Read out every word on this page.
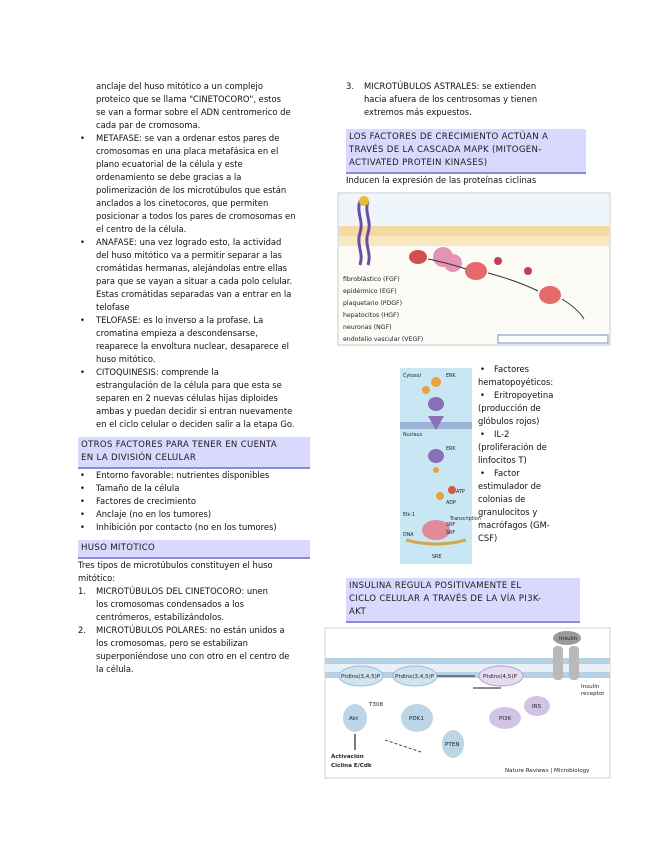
anclaje del huso mitótico a un complejo
proteico que se llama "CINETOCORO", estos
se van a formar sobre el ADN centromerico de
cada par de cromosoma.
• METAFASE: se van a ordenar estos pares de
cromosomas en una placa metafásica en el
plano ecuatorial de la célula y este
ordenamiento se debe gracias a la
polimerización de los microtúbulos que están
anclados a los cinetocoros, que permiten
posicionar a todos los pares de cromosomas en
el centro de la célula.
• ANAFASE: una vez logrado esto, la actividad
del huso mitótico va a permitir separar a las
cromátidas hermanas, alejándolas entre ellas
para que se vayan a situar a cada polo celular.
Estas cromátidas separadas van a entrar en la
telofase
• TELOFASE: es lo inverso a la profase. La
cromatina empieza a descondensarse,
reaparece la envoltura nuclear, desaparece el
huso mitótico.
• CITOQUINESIS: comprende la
estrangulación de la célula para que esta se
separen en 2 nuevas células hijas diploides
ambas y puedan decidir si entran nuevamente
en el ciclo celular o deciden salir a la etapa Go.
OTROS FACTORES PARA TENER EN CUENTA
EN LA DIVISIÓN CELULAR
• Entorno favorable: nutrientes disponibles
• Tamaño de la célula
• Factores de crecimiento
• Anclaje (no en los tumores)
• Inhibición por contacto (no en los tumores)
HUSO MITOTICO
Tres tipos de microtúbulos constituyen el huso
mitótico:
1. MICROTÚBULOS DEL CINETOCORO: unen
los cromosomas condensados a los
centrómeros, estabilizándolos.
2. MICROTÚBULOS POLARES: no están unidos a
los cromosomas, pero se estabilizan
superponiéndose uno con otro en el centro de
la célula.
3. MICROTÚBULOS ASTRALES: se extienden
hacia afuera de los centrosomas y tienen
extremos más expuestos.
LOS FACTORES DE CRECIMIENTO ACTÚAN A
TRAVÉS DE LA CASCADA MAPK (MITOGEN-
ACTIVATED PROTEIN KINASES)
Inducen la expresión de las proteínas ciclinas
fibroblástico (FGF)
epidérmico (EGF)
plaquetario (PDGF)
hepatocitos (HGF)
neuronas (NGF)
endotelio vascular (VEGF)
Cytosol	ERK
Nucleus
ERK
ATP
ADP
Elk-1
Transcription
SRF
DNA	SRF
SRE
• Factores
hematopoyéticos:
• Eritropoyetina
(producción de
glóbulos rojos)
• IL-2
(proliferación de
linfocitos T)
• Factor
estimulador de
colonias de
granulocitos y
macrófagos (GM-
CSF)
INSULINA REGULA POSITIVAMENTE EL
CICLO CELULAR A TRAVÉS DE LA VÍA PI3K-
AKT
Insulin
Insulin
receptor
PtdIns(3,4,5)P	PtdIns(3,4,5)P	PtdIns(4,5)P
Akt
T308
PDK1
PTEN
PI3K
IRS
Activación
Ciclina E/Cdk
Nature Reviews | Microbiology
